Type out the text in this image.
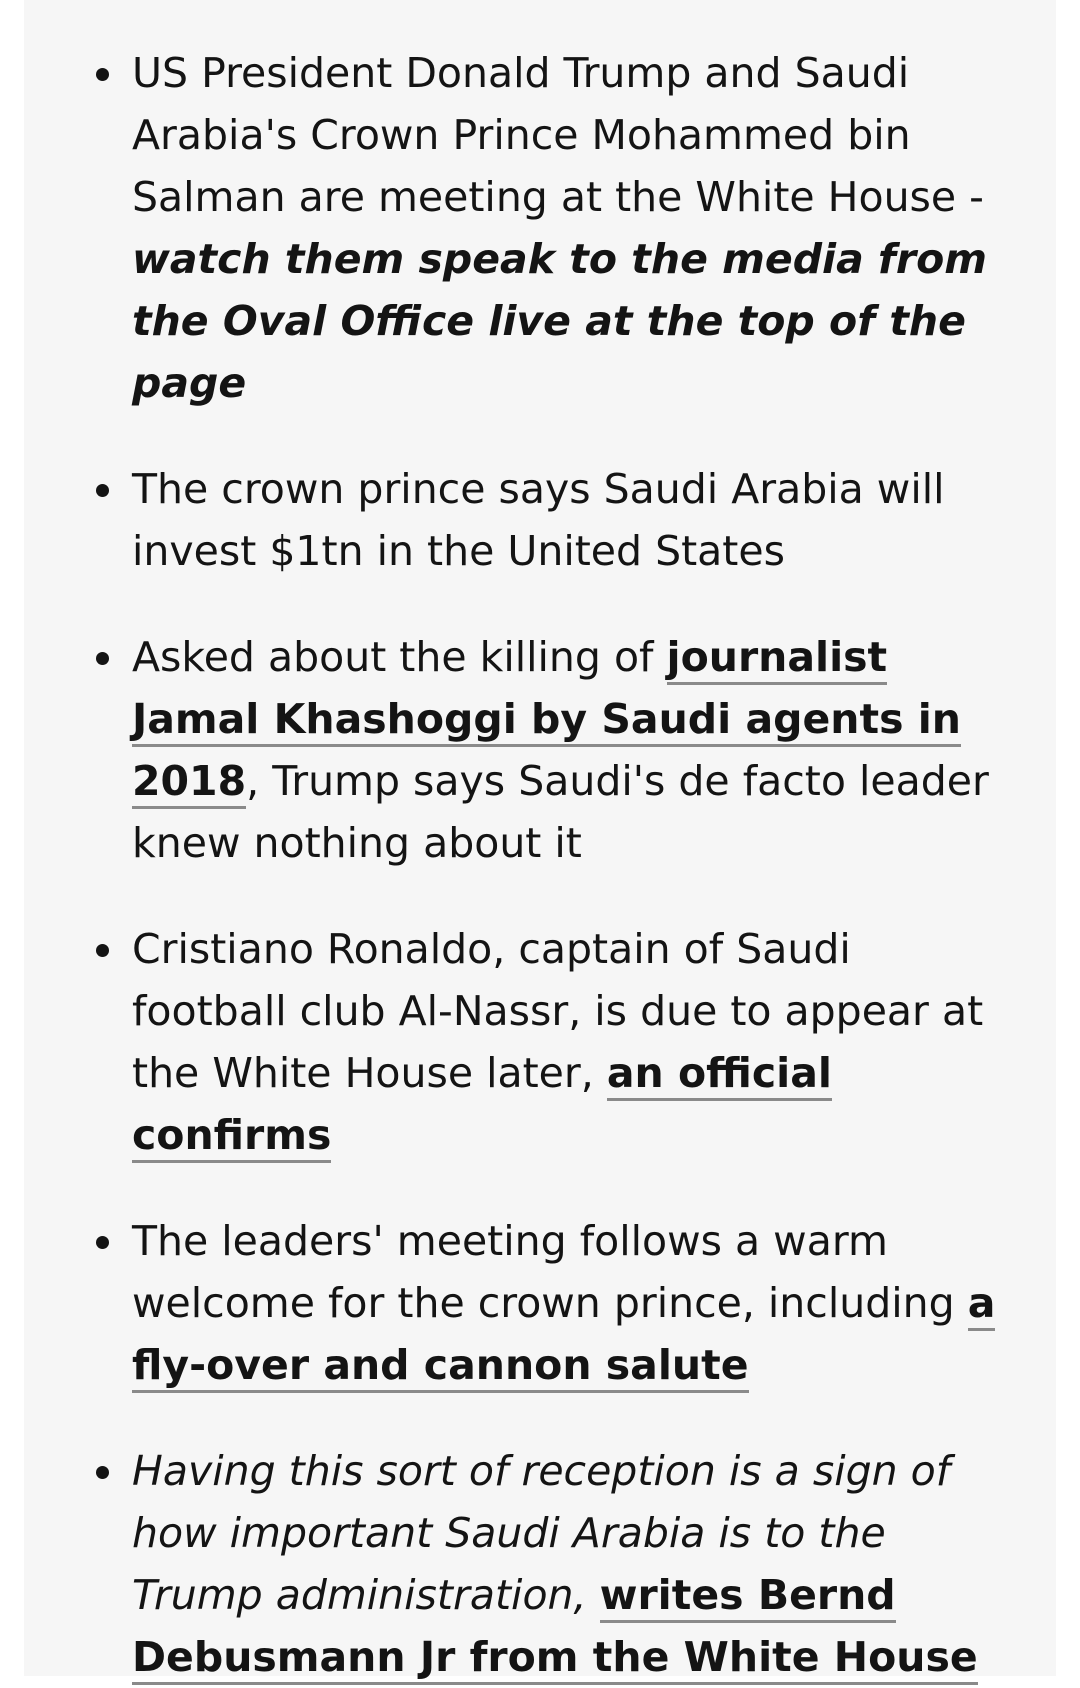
US President Donald Trump and Saudi Arabia's Crown Prince Mohammed bin Salman are meeting at the White House - watch them speak to the media from the Oval Office live at the top of the page
The crown prince says Saudi Arabia will invest $1tn in the United States
Asked about the killing of journalist Jamal Khashoggi by Saudi agents in 2018, Trump says Saudi's de facto leader knew nothing about it
Cristiano Ronaldo, captain of Saudi football club Al-Nassr, is due to appear at the White House later, an official confirms
The leaders' meeting follows a warm welcome for the crown prince, including a fly-over and cannon salute
Having this sort of reception is a sign of how important Saudi Arabia is to the Trump administration, writes Bernd Debusmann Jr from the White House
